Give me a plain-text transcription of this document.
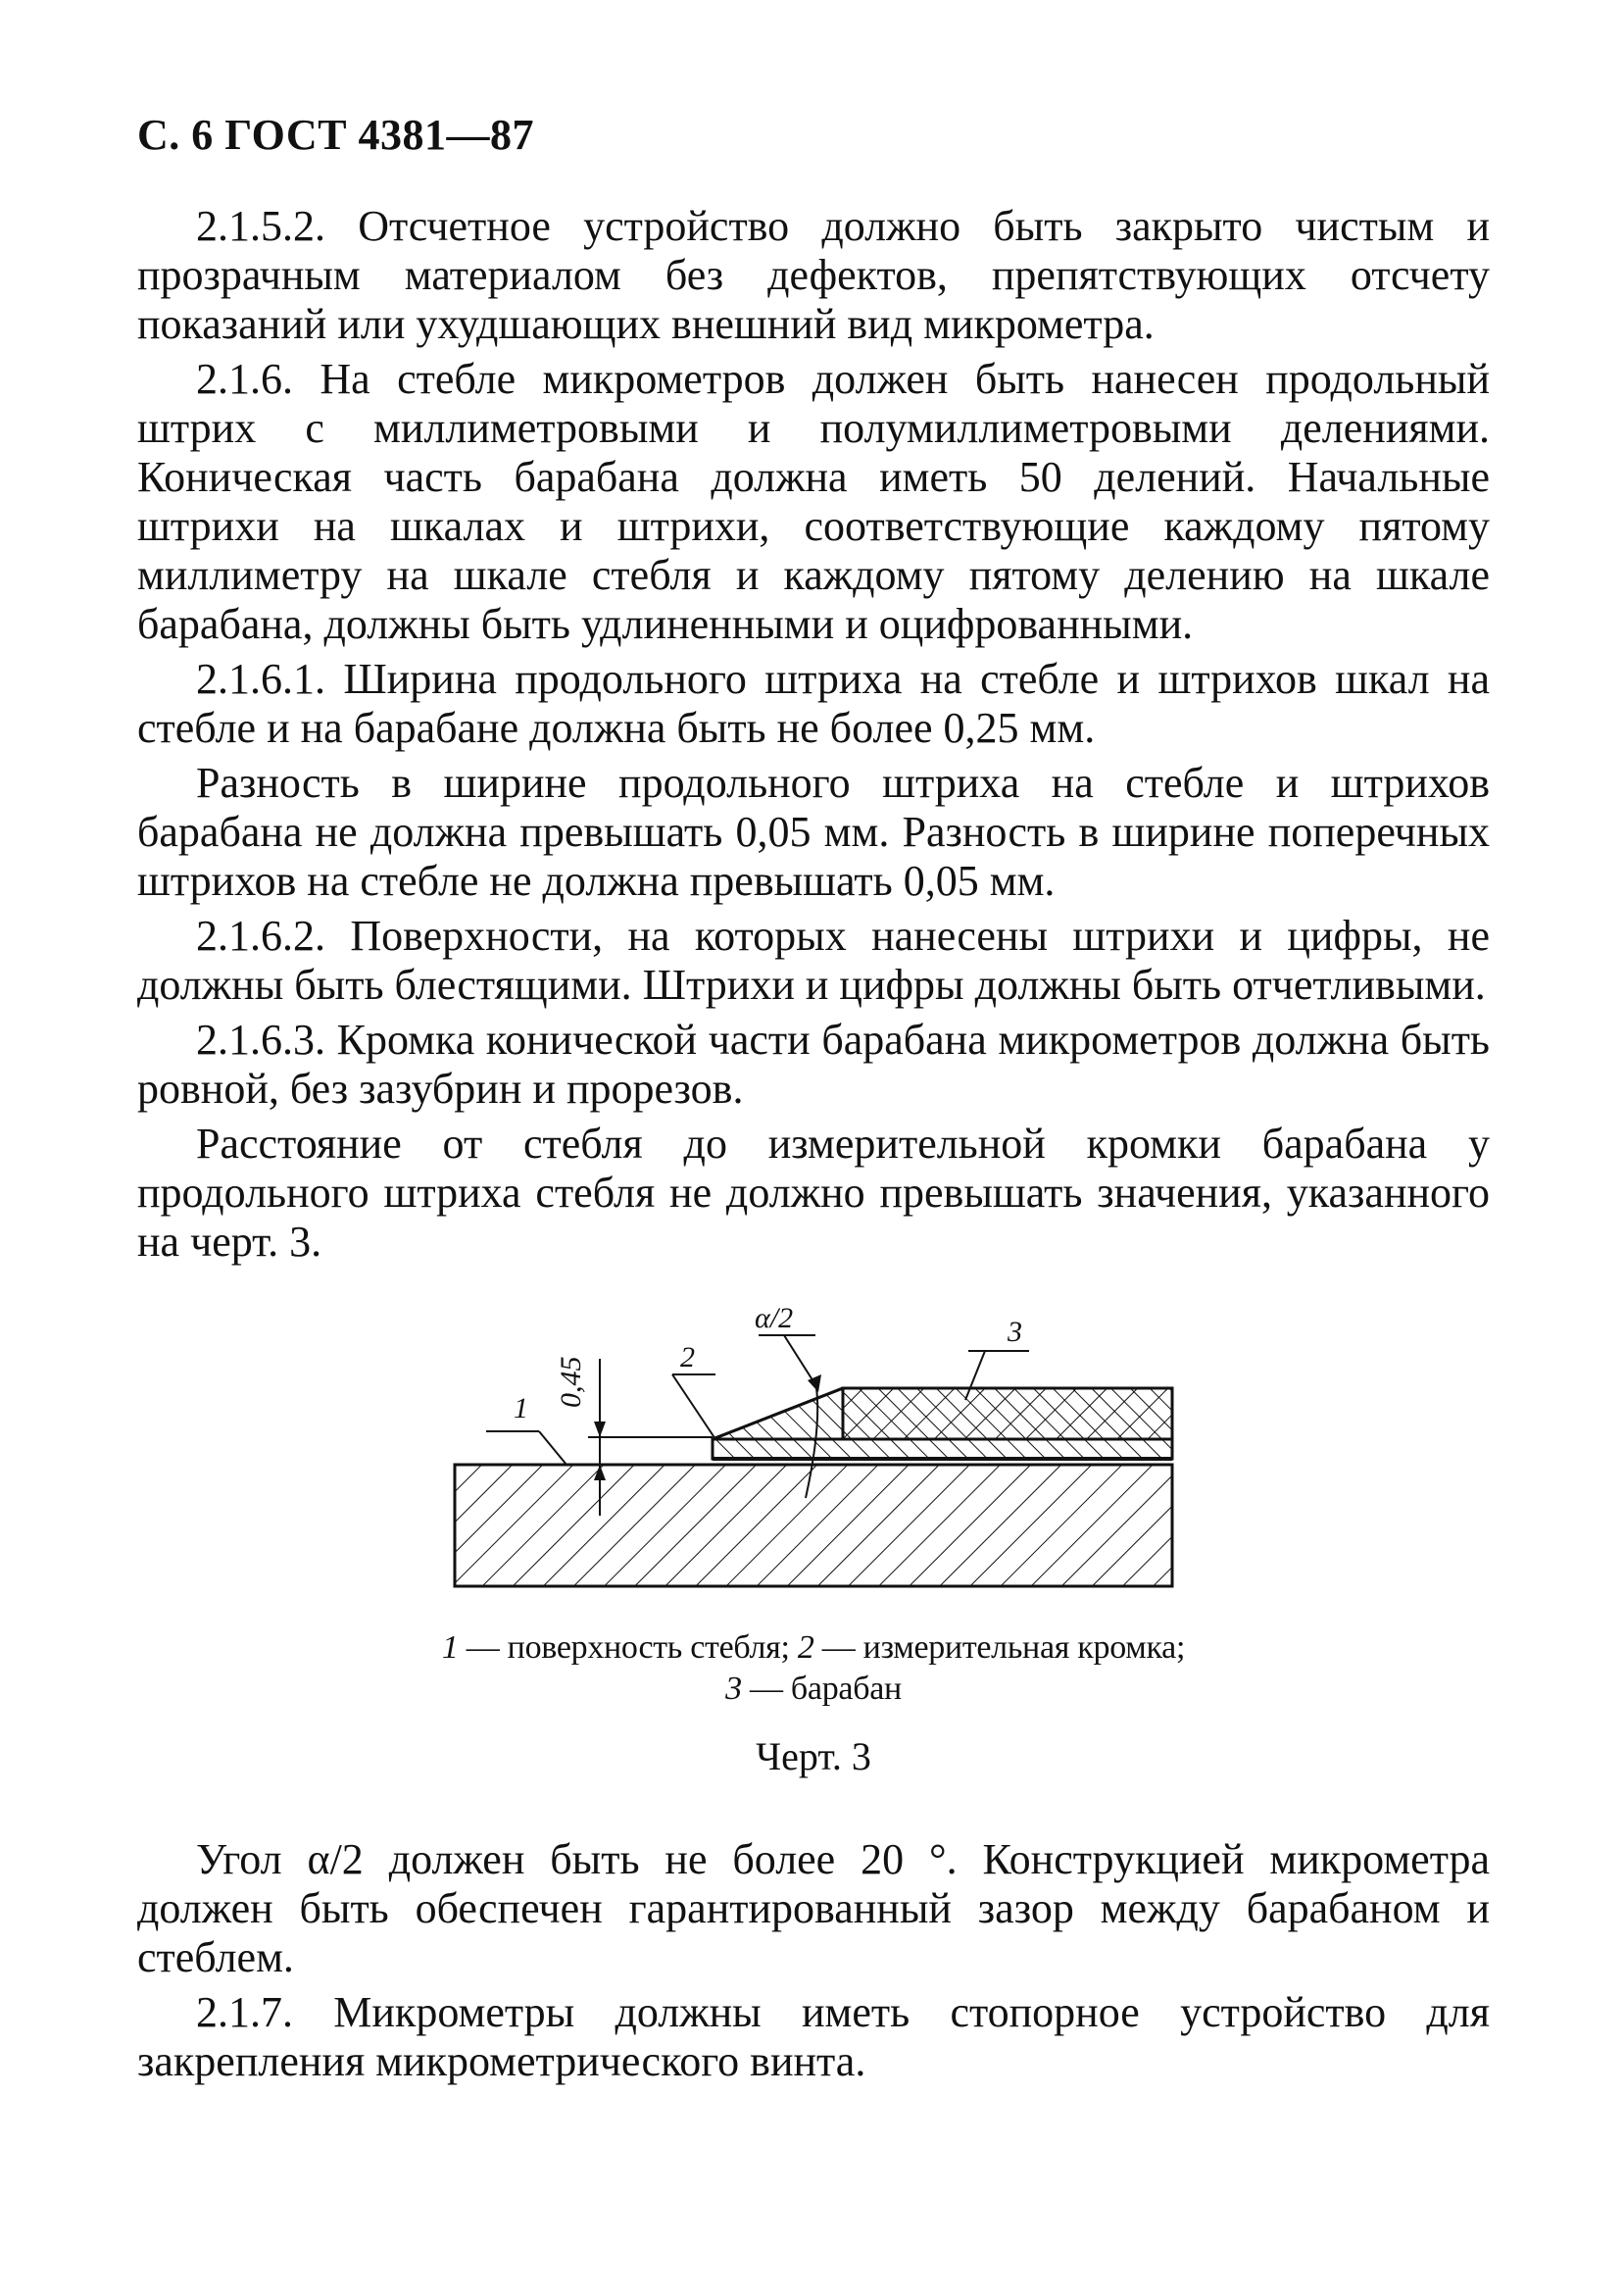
С. 6 ГОСТ 4381—87

2.1.5.2. Отсчетное устройство должно быть закрыто чистым и прозрачным материалом без дефектов, препятствующих отсчету показаний или ухудшающих внешний вид микрометра.

2.1.6. На стебле микрометров должен быть нанесен продольный штрих с миллиметровыми и полумиллиметровыми делениями. Коническая часть барабана должна иметь 50 делений. Начальные штрихи на шкалах и штрихи, соответствующие каждому пятому миллиметру на шкале стебля и каждому пятому делению на шкале барабана, должны быть удлиненными и оцифрованными.

2.1.6.1. Ширина продольного штриха на стебле и штрихов шкал на стебле и на барабане должна быть не более 0,25 мм.

Разность в ширине продольного штриха на стебле и штрихов барабана не должна превышать 0,05 мм. Разность в ширине поперечных штрихов на стебле не должна превышать 0,05 мм.

2.1.6.2. Поверхности, на которых нанесены штрихи и цифры, не должны быть блестящими. Штрихи и цифры должны быть отчетливыми.

2.1.6.3. Кромка конической части барабана микрометров должна быть ровной, без зазубрин и прорезов.

Расстояние от стебля до измерительной кромки барабана у продольного штриха стебля не должно превышать значения, указанного на черт. 3.

0,45
1
2
α/2	3
1 — поверхность стебля; 2 — измерительная кромка;
3 — барабан
Черт. 3

Угол α/2 должен быть не более 20 °. Конструкцией микрометра должен быть обеспечен гарантированный зазор между барабаном и стеблем.

2.1.7. Микрометры должны иметь стопорное устройство для закрепления микрометрического винта.
